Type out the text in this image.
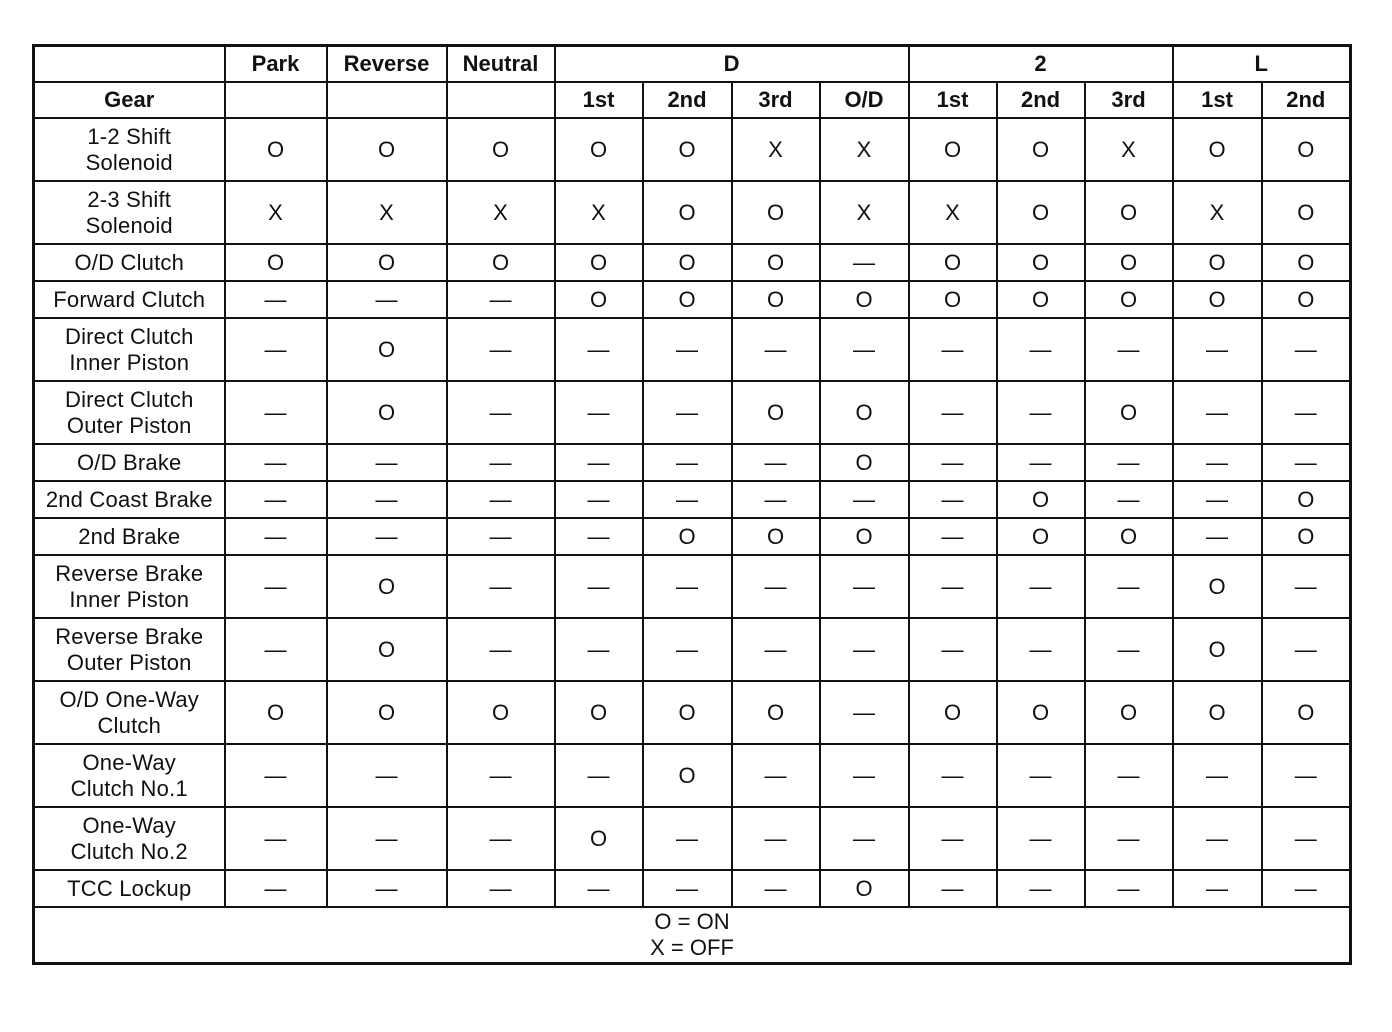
	Park	Reverse	Neutral	D				2			L	
Gear				1st	2nd	3rd	O/D	1st	2nd	3rd	1st	2nd
1-2 Shift Solenoid	O	O	O	O	O	X	X	O	O	X	O	O
2-3 Shift Solenoid	X	X	X	X	O	O	X	X	O	O	X	O
O/D Clutch	O	O	O	O	O	O	—	O	O	O	O	O
Forward Clutch	—	—	—	O	O	O	O	O	O	O	O	O
Direct Clutch Inner Piston	—	O	—	—	—	—	—	—	—	—	—	—
Direct Clutch Outer Piston	—	O	—	—	—	O	O	—	—	O	—	—
O/D Brake	—	—	—	—	—	—	O	—	—	—	—	—
2nd Coast Brake	—	—	—	—	—	—	—	—	O	—	—	O
2nd Brake	—	—	—	—	O	O	O	—	O	O	—	O
Reverse Brake Inner Piston	—	O	—	—	—	—	—	—	—	—	O	—
Reverse Brake Outer Piston	—	O	—	—	—	—	—	—	—	—	O	—
O/D One-Way Clutch	O	O	O	O	O	O	—	O	O	O	O	O
One-Way Clutch No.1	—	—	—	—	O	—	—	—	—	—	—	—
One-Way Clutch No.2	—	—	—	O	—	—	—	—	—	—	—	—
TCC Lockup	—	—	—	—	—	—	O	—	—	—	—	—

O = ON
X = OFF												
